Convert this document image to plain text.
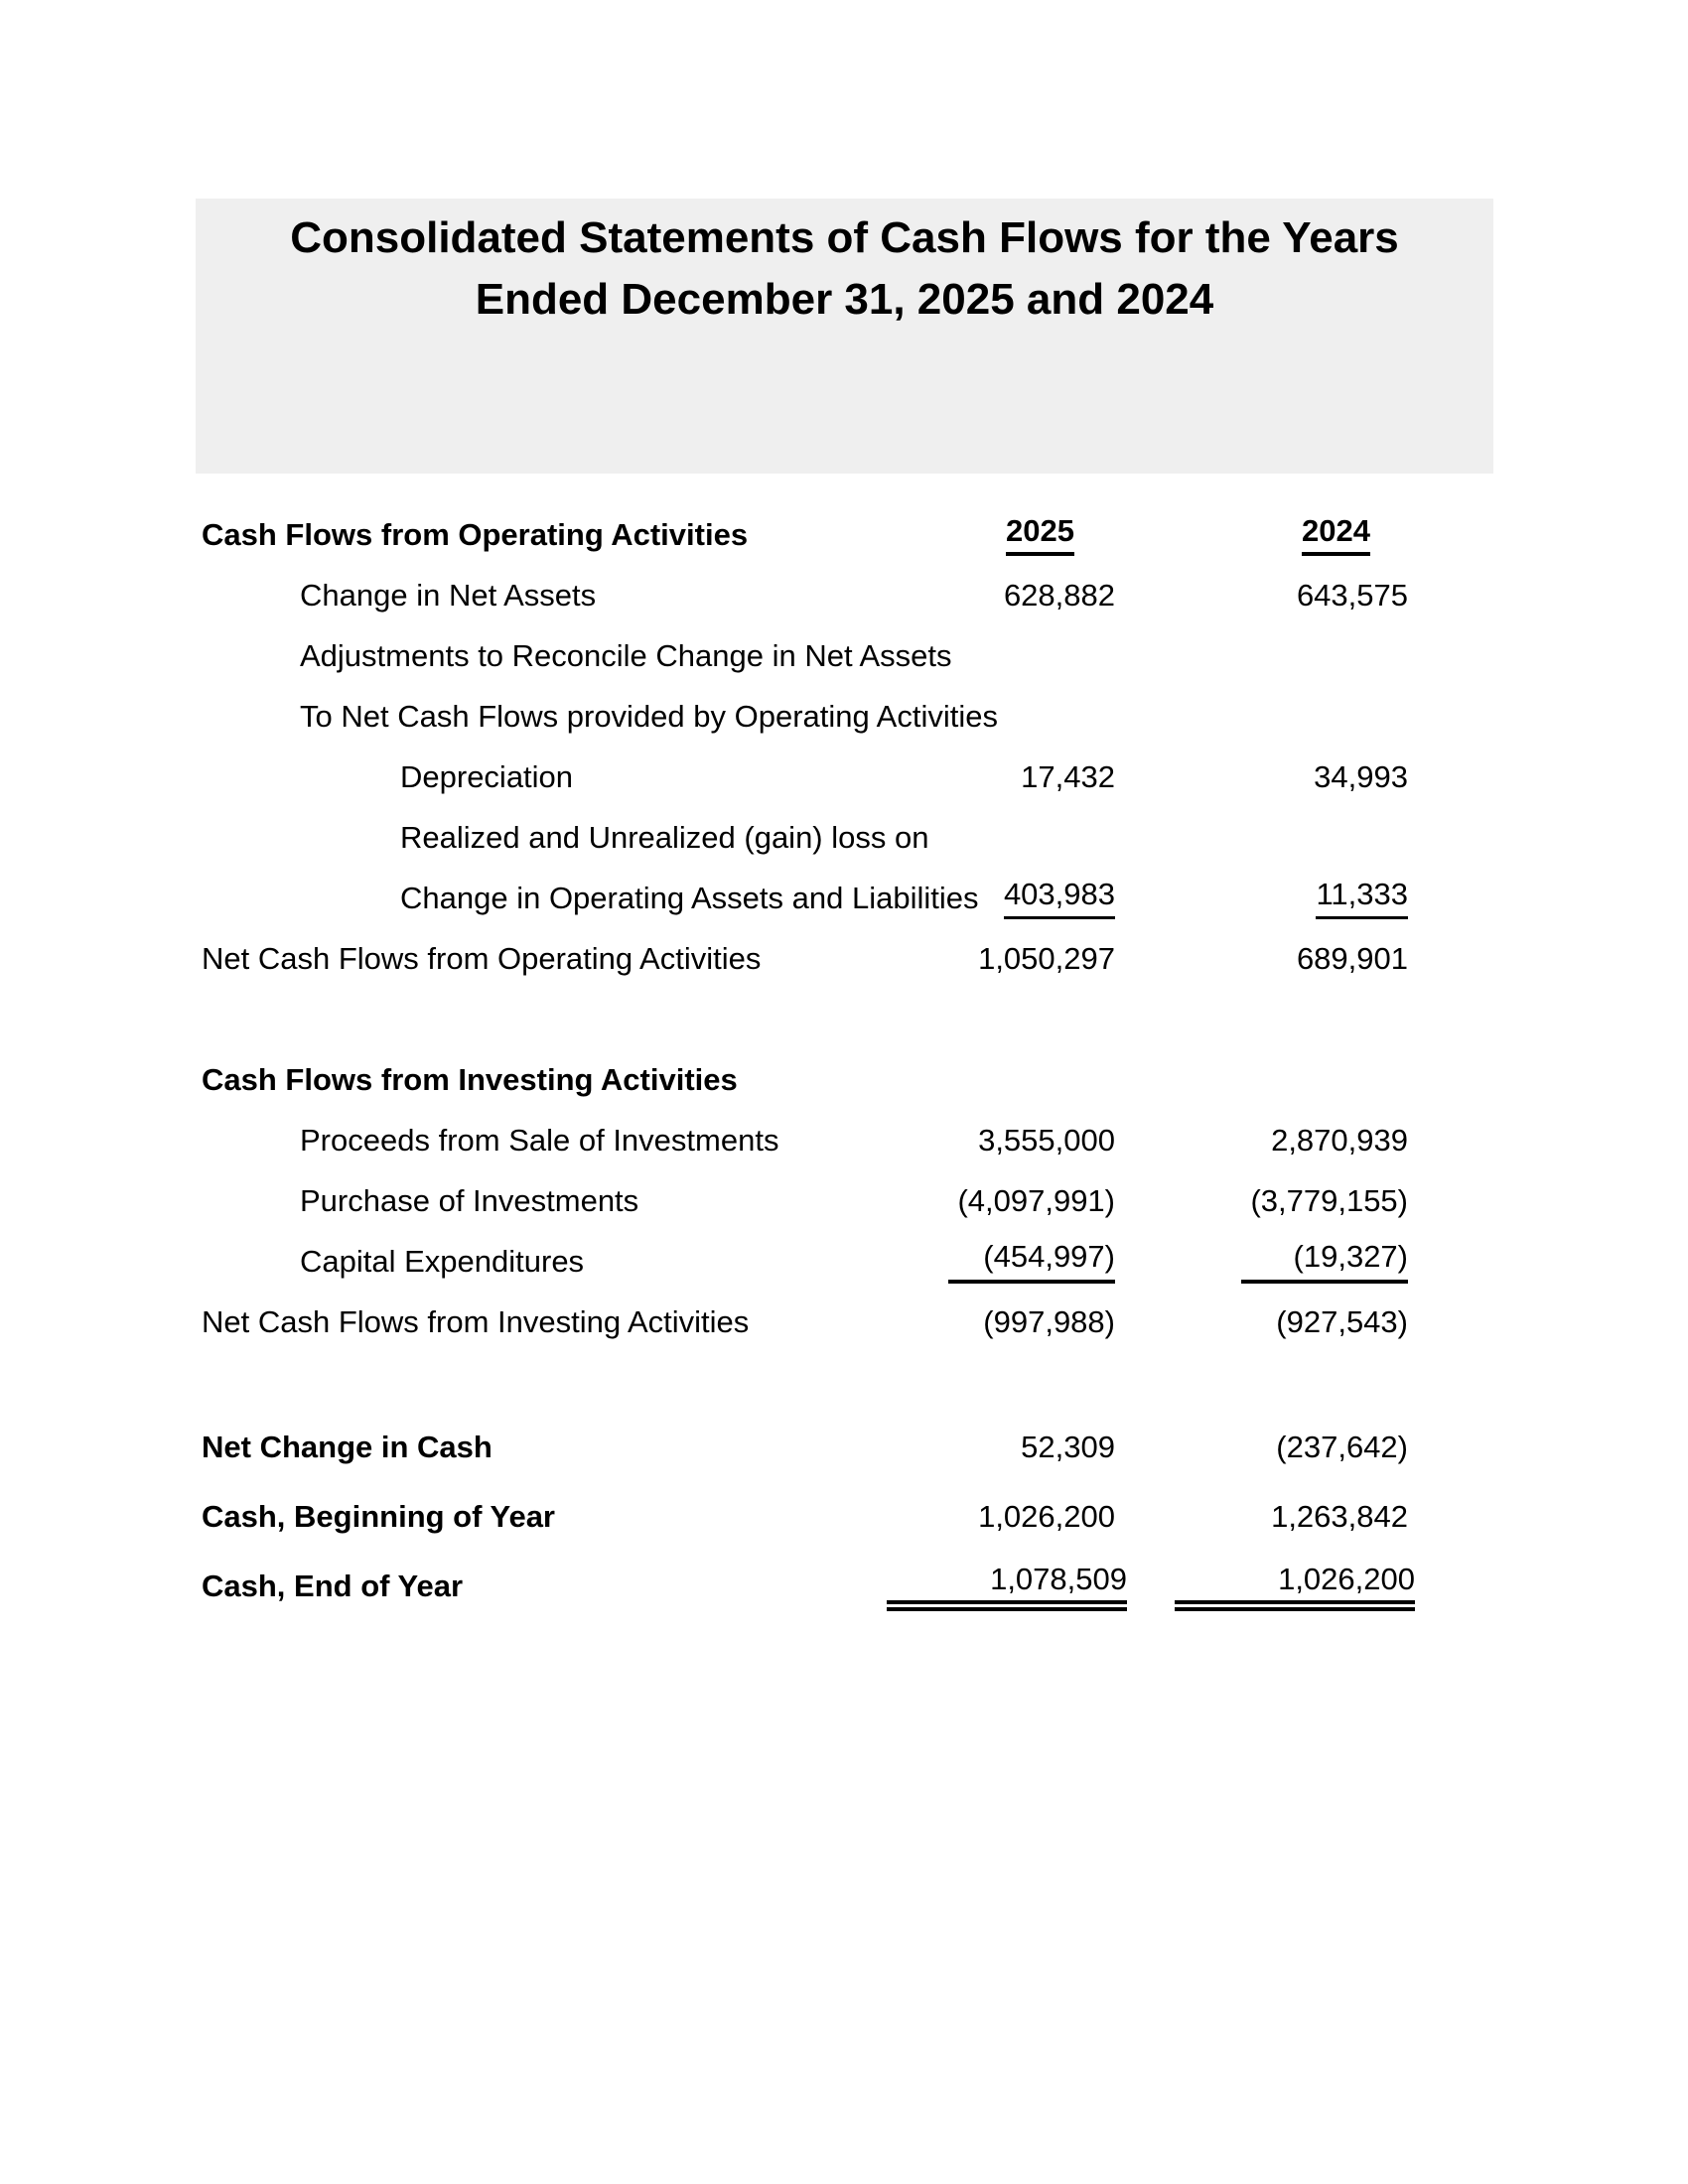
Consolidated Statements of Cash Flows for the Years
Ended December 31, 2025 and 2024
Cash Flows from Operating Activities	2025	2024
Change in Net Assets	628,882	643,575
Adjustments to Reconcile Change in Net Assets
To Net Cash Flows provided by Operating Activities
Depreciation	17,432	34,993
Realized and Unrealized (gain) loss on
Change in Operating Assets and Liabilities 403,983	11,333
Net Cash Flows from Operating Activities	1,050,297	689,901
Cash Flows from Investing Activities
Proceeds from Sale of Investments	3,555,000	2,870,939
Purchase of Investments	(4,097,991)	(3,779,155)
Capital Expenditures	(454,997)	(19,327)
Net Cash Flows from Investing Activities	(997,988)	(927,543)
Net Change in Cash	52,309	(237,642)
Cash, Beginning of Year	1,026,200	1,263,842
Cash, End of Year	1,078,509	1,026,200
